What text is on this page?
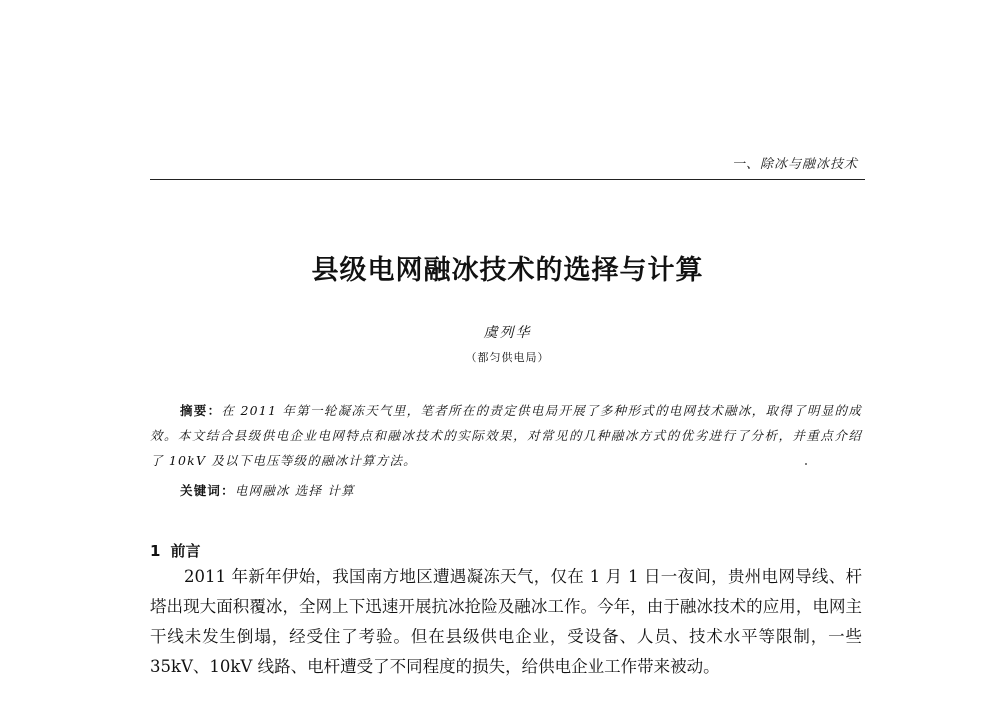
一、除冰与融冰技术
县级电网融冰技术的选择与计算
虞列华
（都匀供电局）

摘要：在 2011 年第一轮凝冻天气里，笔者所在的责定供电局开展了多种形式的电网技术融冰，取得了明显的成效。本文结合县级供电企业电网特点和融冰技术的实际效果，对常见的几种融冰方式的优劣进行了分析，并重点介绍了 10kV 及以下电压等级的融冰计算方法。

关键词：电网融冰 选择 计算

1 前言

2011 年新年伊始，我国南方地区遭遇凝冻天气，仅在 1 月 1 日一夜间，贵州电网导线、杆塔出现大面积覆冰，全网上下迅速开展抗冰抢险及融冰工作。今年，由于融冰技术的应用，电网主干线未发生倒塌，经受住了考验。但在县级供电企业，受设备、人员、技术水平等限制，一些 35kV、10kV 线路、电杆遭受了不同程度的损失，给供电企业工作带来被动。
